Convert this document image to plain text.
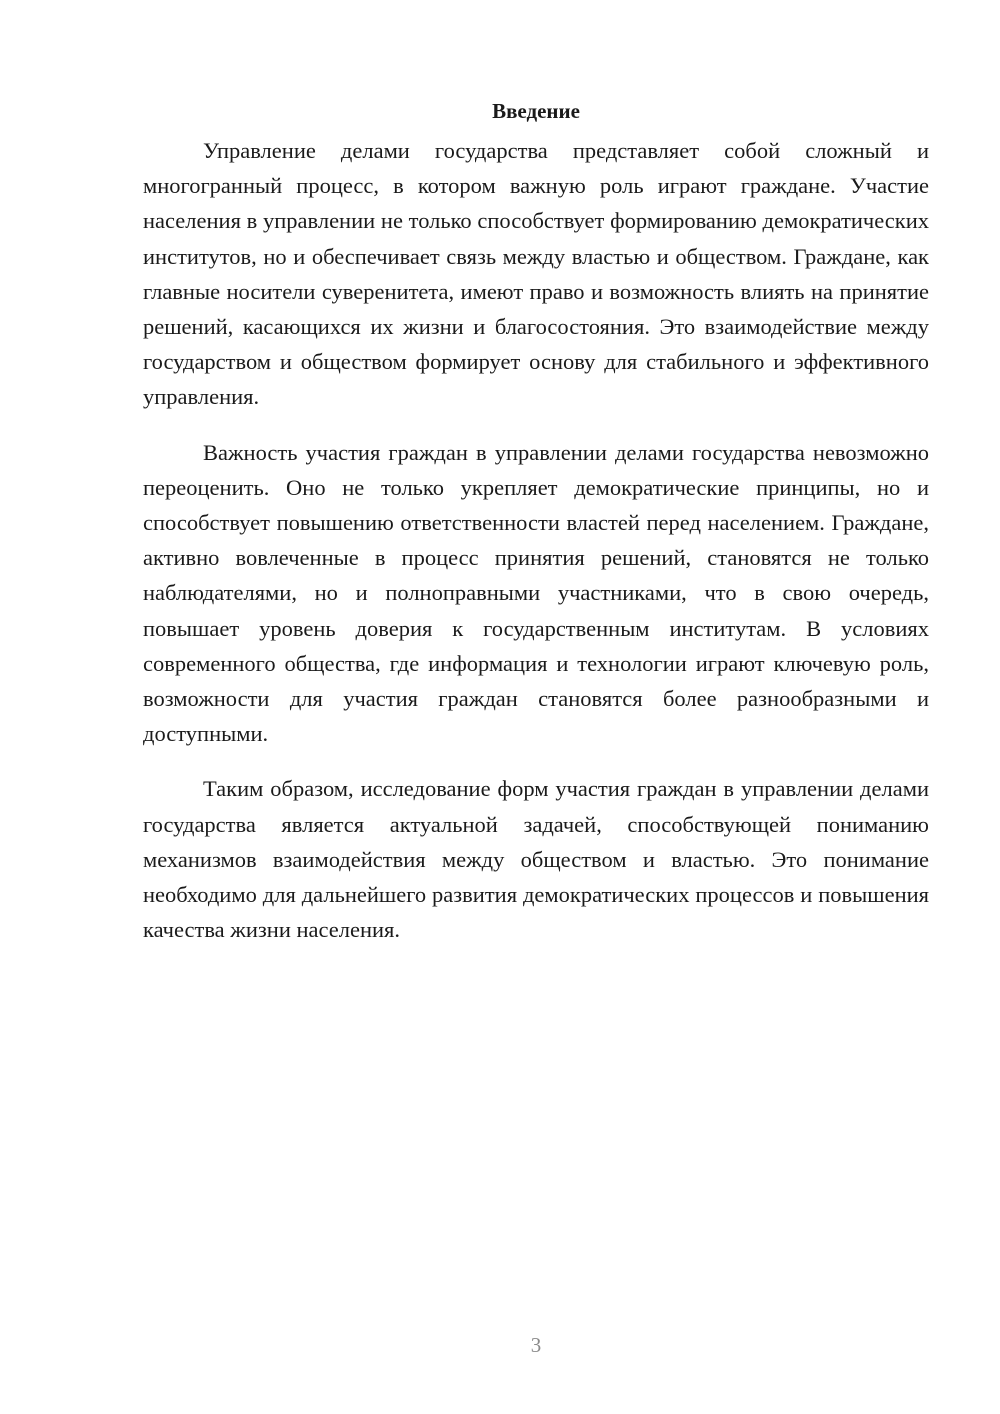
Введение

Управление делами государства представляет собой сложный и многогранный процесс, в котором важную роль играют граждане. Участие населения в управлении не только способствует формированию демократических институтов, но и обеспечивает связь между властью и обществом. Граждане, как главные носители суверенитета, имеют право и возможность влиять на принятие решений, касающихся их жизни и благосостояния. Это взаимодействие между государством и обществом формирует основу для стабильного и эффективного управления.

Важность участия граждан в управлении делами государства невозможно переоценить. Оно не только укрепляет демократические принципы, но и способствует повышению ответственности властей перед населением. Граждане, активно вовлеченные в процесс принятия решений, становятся не только наблюдателями, но и полноправными участниками, что в свою очередь, повышает уровень доверия к государственным институтам. В условиях современного общества, где информация и технологии играют ключевую роль, возможности для участия граждан становятся более разнообразными и доступными.

Таким образом, исследование форм участия граждан в управлении делами государства является актуальной задачей, способствующей пониманию механизмов взаимодействия между обществом и властью. Это понимание необходимо для дальнейшего развития демократических процессов и повышения качества жизни населения.

3
